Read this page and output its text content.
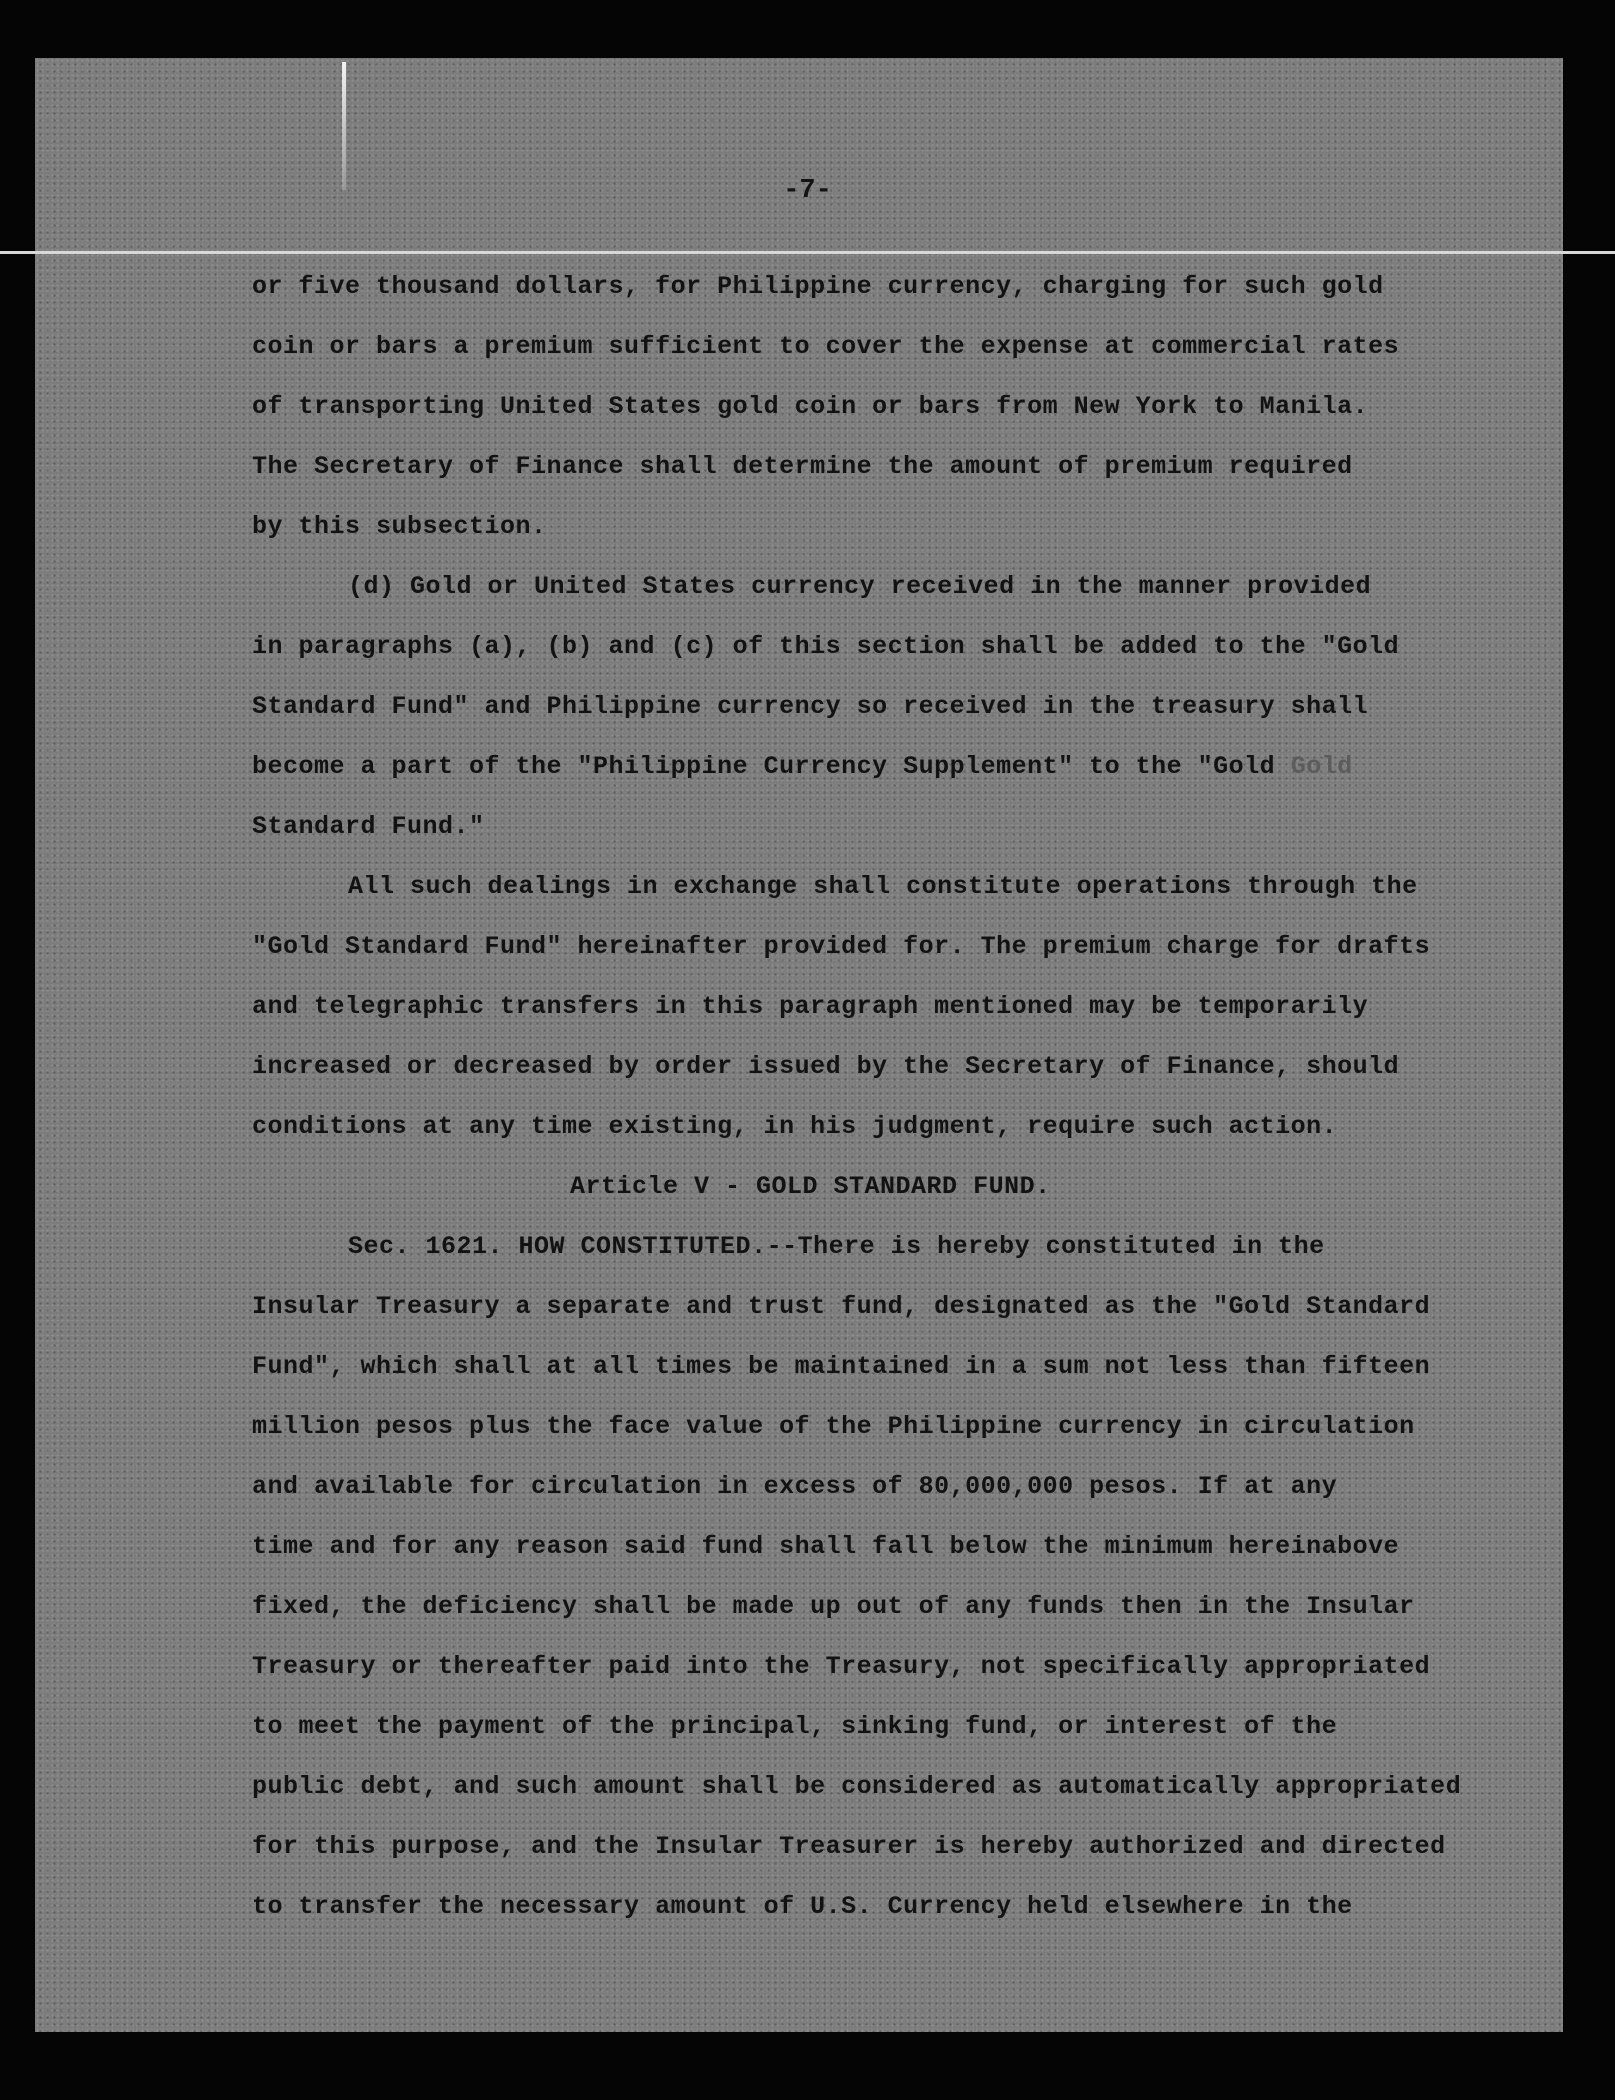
-7-
or five thousand dollars, for Philippine currency, charging for such gold
coin or bars a premium sufficient to cover the expense at commercial rates
of transporting United States gold coin or bars from New York to Manila.
The Secretary of Finance shall determine the amount of premium required
by this subsection.
(d) Gold or United States currency received in the manner provided
in paragraphs (a), (b) and (c) of this section shall be added to the "Gold
Standard Fund" and Philippine currency so received in the treasury shall
become a part of the "Philippine Currency Supplement" to the "Gold Gold
Standard Fund."
All such dealings in exchange shall constitute operations through the
"Gold Standard Fund" hereinafter provided for. The premium charge for drafts
and telegraphic transfers in this paragraph mentioned may be temporarily
increased or decreased by order issued by the Secretary of Finance, should
conditions at any time existing, in his judgment, require such action.
Article V - GOLD STANDARD FUND.
Sec. 1621. HOW CONSTITUTED.--There is hereby constituted in the
Insular Treasury a separate and trust fund, designated as the "Gold Standard
Fund", which shall at all times be maintained in a sum not less than fifteen
million pesos plus the face value of the Philippine currency in circulation
and available for circulation in excess of 80,000,000 pesos. If at any
time and for any reason said fund shall fall below the minimum hereinabove
fixed, the deficiency shall be made up out of any funds then in the Insular
Treasury or thereafter paid into the Treasury, not specifically appropriated
to meet the payment of the principal, sinking fund, or interest of the
public debt, and such amount shall be considered as automatically appropriated
for this purpose, and the Insular Treasurer is hereby authorized and directed
to transfer the necessary amount of U.S. Currency held elsewhere in the
